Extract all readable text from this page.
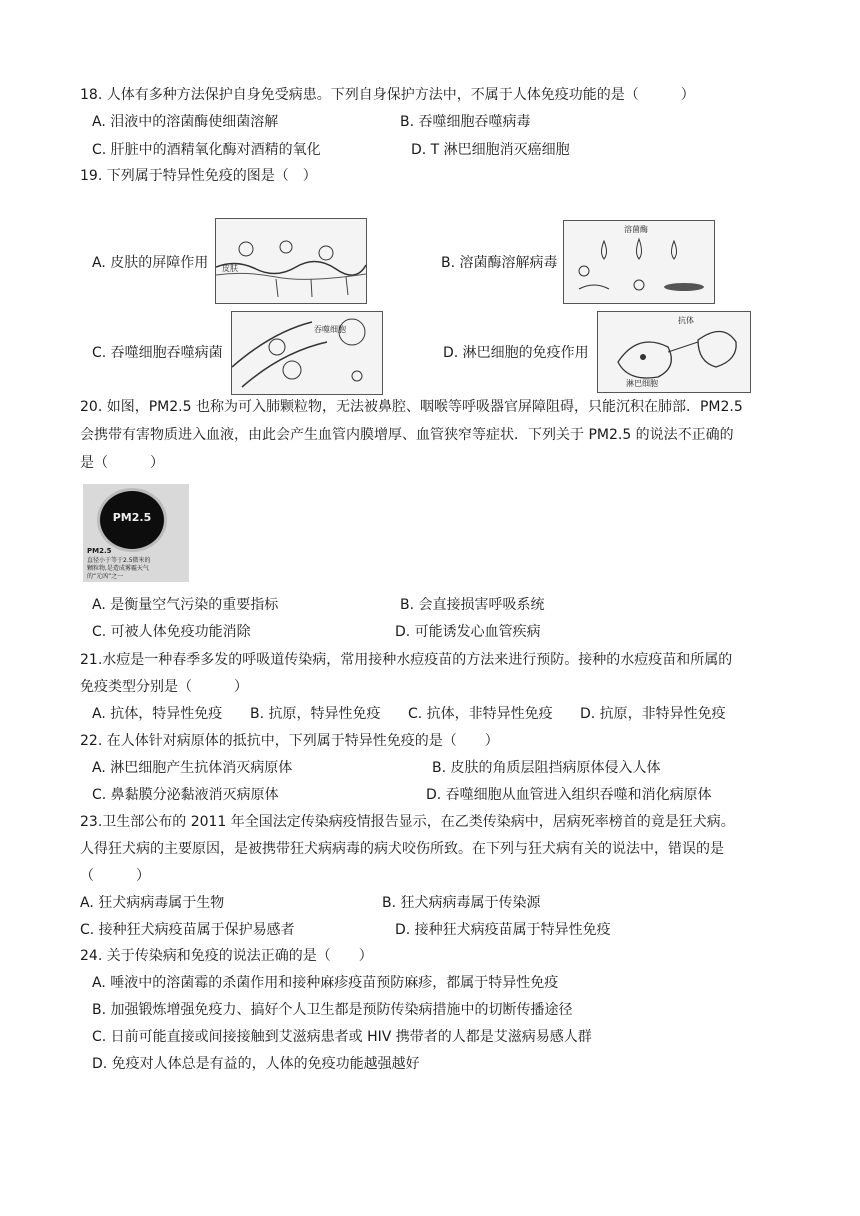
18. 人体有多种方法保护自身免受病患。下列自身保护方法中，不属于人体免疫功能的是（　　　）
A. 泪液中的溶菌酶使细菌溶解	B. 吞噬细胞吞噬病毒
C. 肝脏中的酒精氧化酶对酒精的氧化	D. T 淋巴细胞消灭癌细胞
19. 下列属于特异性免疫的图是（　）
A. 皮肤的屏障作用 皮肤	B. 溶菌酶溶解病毒
溶菌酶
C. 吞噬细胞吞噬病菌
吞噬细胞
D. 淋巴细胞的免疫作用
抗体
淋巴细胞
20. 如图，PM2.5 也称为可入肺颗粒物，无法被鼻腔、咽喉等呼吸器官屏障阻碍，只能沉积在肺部．PM2.5
会携带有害物质进入血液，由此会产生血管内膜增厚、血管狭窄等症状．下列关于 PM2.5 的说法不正确的
是（　　　）
PM2.5
PM2.5
直径小于等于2.5微米的
颗粒物,是造成雾霾天气
的“元凶”之一
A. 是衡量空气污染的重要指标	B. 会直接损害呼吸系统
C. 可被人体免疫功能消除	D. 可能诱发心血管疾病
21.水痘是一种春季多发的呼吸道传染病，常用接种水痘疫苗的方法来进行预防。接种的水痘疫苗和所属的
免疫类型分别是（　　　）
A. 抗体，特异性免疫 B. 抗原，特异性免疫 C. 抗体，非特异性免疫 D. 抗原，非特异性免疫
22. 在人体针对病原体的抵抗中，下列属于特异性免疫的是（　　）
A. 淋巴细胞产生抗体消灭病原体	B. 皮肤的角质层阻挡病原体侵入人体
C. 鼻黏膜分泌黏液消灭病原体	D. 吞噬细胞从血管进入组织吞噬和消化病原体
23.卫生部公布的 2011 年全国法定传染病疫情报告显示，在乙类传染病中，居病死率榜首的竟是狂犬病。
人得狂犬病的主要原因，是被携带狂犬病病毒的病犬咬伤所致。在下列与狂犬病有关的说法中，错误的是
（　　　）
A. 狂犬病病毒属于生物	B. 狂犬病病毒属于传染源
C. 接种狂犬病疫苗属于保护易感者	D. 接种狂犬病疫苗属于特异性免疫
24. 关于传染病和免疫的说法正确的是（　　）
A. 唾液中的溶菌霉的杀菌作用和接种麻疹疫苗预防麻疹，都属于特异性免疫
B. 加强锻炼增强免疫力、搞好个人卫生都是预防传染病措施中的切断传播途径
C. 日前可能直接或间接接触到艾滋病患者或 HIV 携带者的人都是艾滋病易感人群
D. 免疫对人体总是有益的，人体的免疫功能越强越好
